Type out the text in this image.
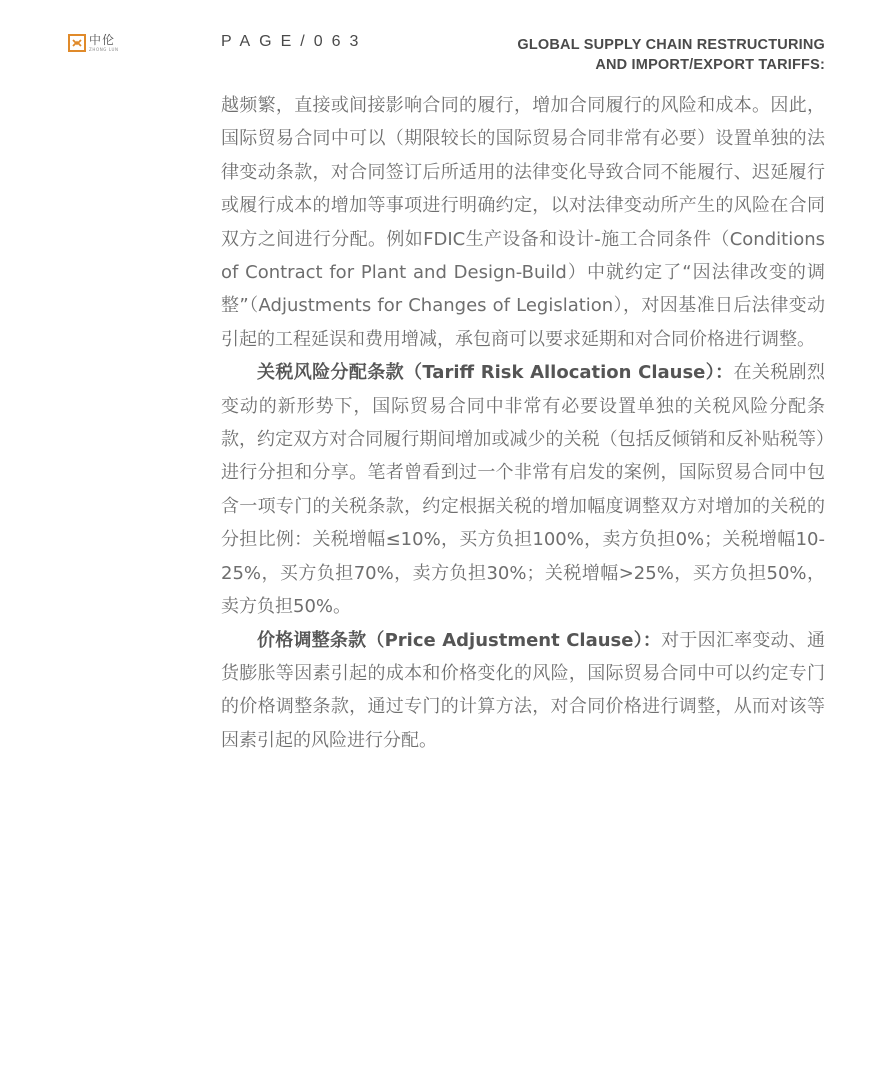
中伦
ZHONG LUN	PAGE/063	GLOBAL SUPPLY CHAIN RESTRUCTURING
AND IMPORT/EXPORT TARIFFS:

越频繁，直接或间接影响合同的履行，增加合同履行的风险和成本。因此，国际贸易合同中可以（期限较长的国际贸易合同非常有必要）设置单独的法律变动条款，对合同签订后所适用的法律变化导致合同不能履行、迟延履行或履行成本的增加等事项进行明确约定，以对法律变动所产生的风险在合同双方之间进行分配。例如FDIC生产设备和设计-施工合同条件（Conditions of Contract for Plant and Design-Build）中就约定了“因法律改变的调整”（Adjustments for Changes of Legislation），对因基准日后法律变动引起的工程延误和费用增减，承包商可以要求延期和对合同价格进行调整。

关税风险分配条款（Tariff Risk Allocation Clause）：在关税剧烈变动的新形势下，国际贸易合同中非常有必要设置单独的关税风险分配条款，约定双方对合同履行期间增加或减少的关税（包括反倾销和反补贴税等）进行分担和分享。笔者曾看到过一个非常有启发的案例，国际贸易合同中包含一项专门的关税条款，约定根据关税的增加幅度调整双方对增加的关税的分担比例：关税增幅≤10%，买方负担100%，卖方负担0%；关税增幅10-25%，买方负担70%，卖方负担30%；关税增幅>25%，买方负担50%，卖方负担50%。

价格调整条款（Price Adjustment Clause）：对于因汇率变动、通货膨胀等因素引起的成本和价格变化的风险，国际贸易合同中可以约定专门的价格调整条款，通过专门的计算方法，对合同价格进行调整，从而对该等因素引起的风险进行分配。
